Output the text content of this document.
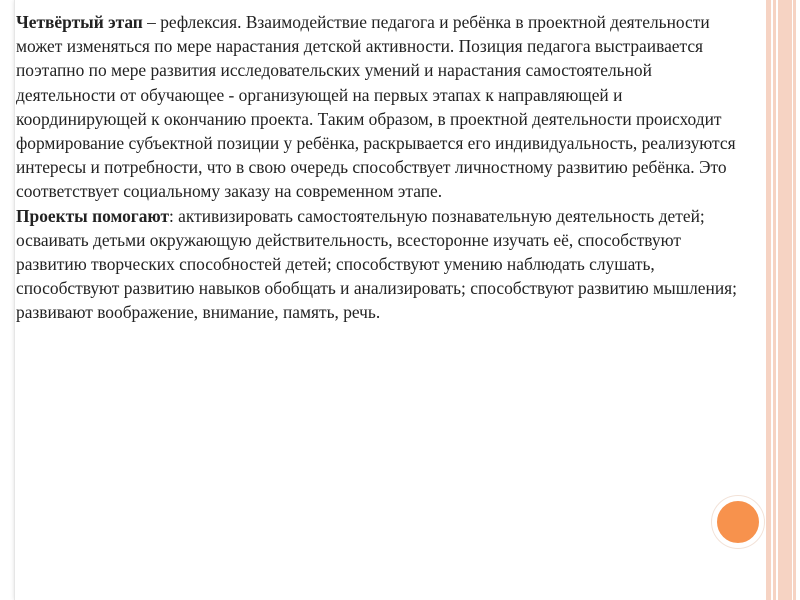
Четвёртый этап – рефлексия. Взаимодействие педагога и ребёнка в проектной деятельности может изменяться по мере нарастания детской активности. Позиция педагога выстраивается поэтапно по мере развития исследовательских умений и нарастания самостоятельной деятельности от обучающее - организующей на первых этапах к направляющей и координирующей к окончанию проекта. Таким образом, в проектной деятельности происходит формирование субъектной позиции у ребёнка, раскрывается его индивидуальность, реализуются интересы и потребности, что в свою очередь способствует личностному развитию ребёнка. Это соответствует социальному заказу на современном этапе.

Проекты помогают: активизировать самостоятельную познавательную деятельность детей; осваивать детьми окружающую действительность, всесторонне изучать её, способствуют развитию творческих способностей детей; способствуют умению наблюдать слушать, способствуют развитию навыков обобщать и анализировать; способствуют развитию мышления; развивают воображение, внимание, память, речь.
